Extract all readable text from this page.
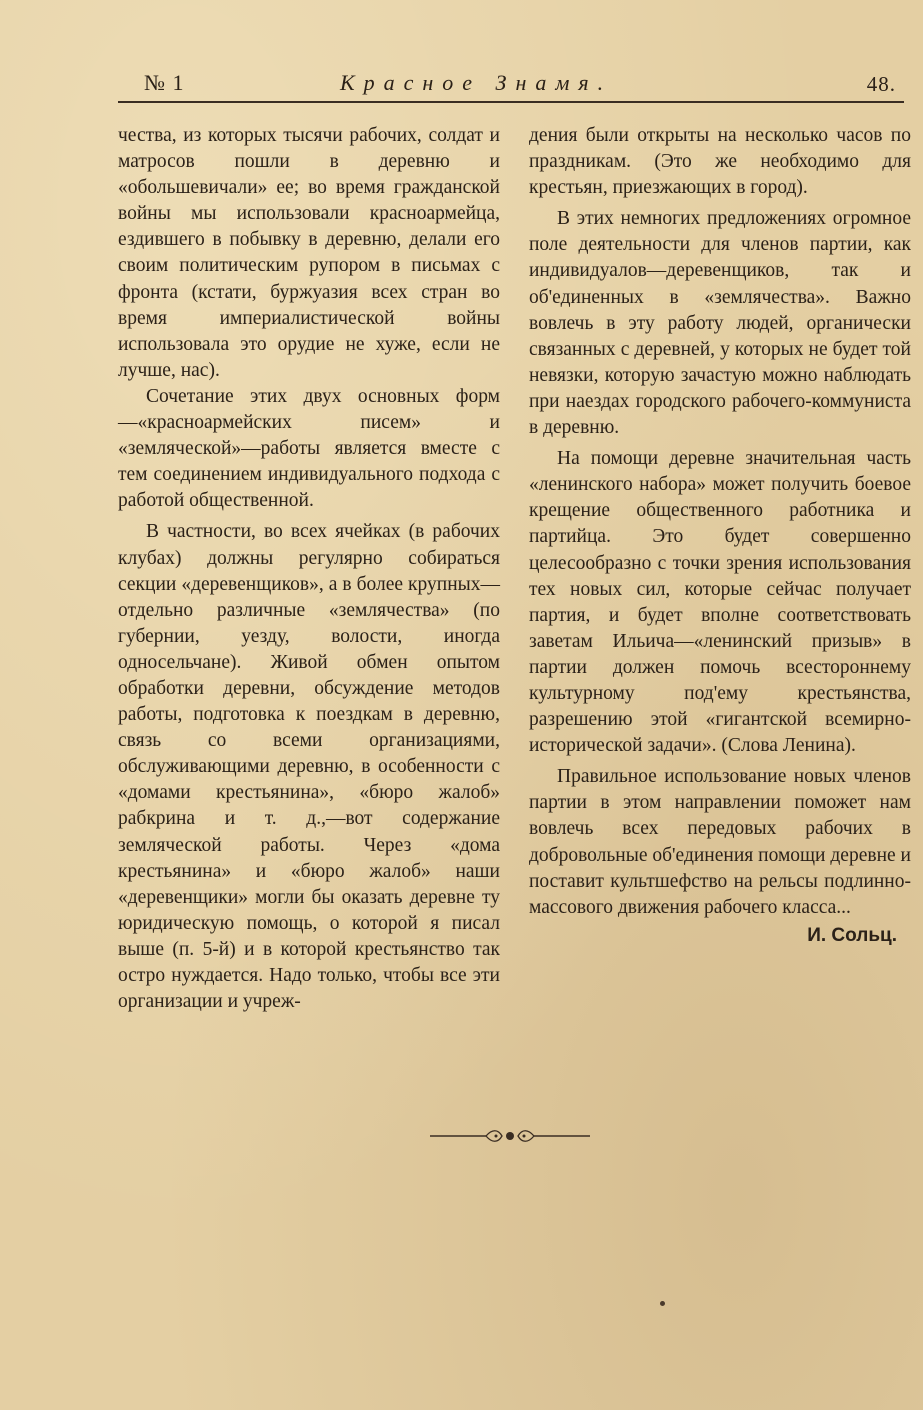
№ 1	Красное Знамя.	48.

чества, из которых тысячи рабочих, солдат и матросов пошли в деревню и «обольшевичали» ее; во время гражданской войны мы использовали красноармейца, ездившего в побывку в деревню, делали его своим политическим рупором в письмах с фронта (кстати, буржуазия всех стран во время империалистической войны использовала это орудие не хуже, если не лучше, нас).

Сочетание этих двух основных форм—«красноармейских писем» и «земляческой»—работы является вместе с тем соединением индивидуального подхода с работой общественной.

В частности, во всех ячейках (в рабочих клубах) должны регулярно собираться секции «деревенщиков», а в более крупных—отдельно различные «землячества» (по губернии, уезду, волости, иногда односельчане). Живой обмен опытом обработки деревни, обсуждение методов работы, подготовка к поездкам в деревню, связь со всеми организациями, обслуживающими деревню, в особенности с «домами крестьянина», «бюро жалоб» рабкрина и т. д.,—вот содержание земляческой работы. Через «дома крестьянина» и «бюро жалоб» наши «деревенщики» могли бы оказать деревне ту юридическую помощь, о которой я писал выше (п. 5-й) и в которой крестьянство так остро нуждается. Надо только, чтобы все эти организации и учреж-

дения были открыты на несколько часов по праздникам. (Это же необходимо для крестьян, приезжающих в город).

В этих немногих предложениях огромное поле деятельности для членов партии, как индивидуалов—деревенщиков, так и об'единенных в «землячества». Важно вовлечь в эту работу людей, органически связанных с деревней, у которых не будет той невязки, которую зачастую можно наблюдать при наездах городского рабочего-коммуниста в деревню.

На помощи деревне значительная часть «ленинского набора» может получить боевое крещение общественного работника и партийца. Это будет совершенно целесообразно с точки зрения использования тех новых сил, которые сейчас получает партия, и будет вполне соответствовать заветам Ильича—«ленинский призыв» в партии должен помочь всестороннему культурному под'ему крестьянства, разрешению этой «гигантской всемирно-исторической задачи». (Слова Ленина).

Правильное использование новых членов партии в этом направлении поможет нам вовлечь всех передовых рабочих в добровольные об'единения помощи деревне и поставит культшефство на рельсы подлинно-массового движения рабочего класса...

И. Сольц.
